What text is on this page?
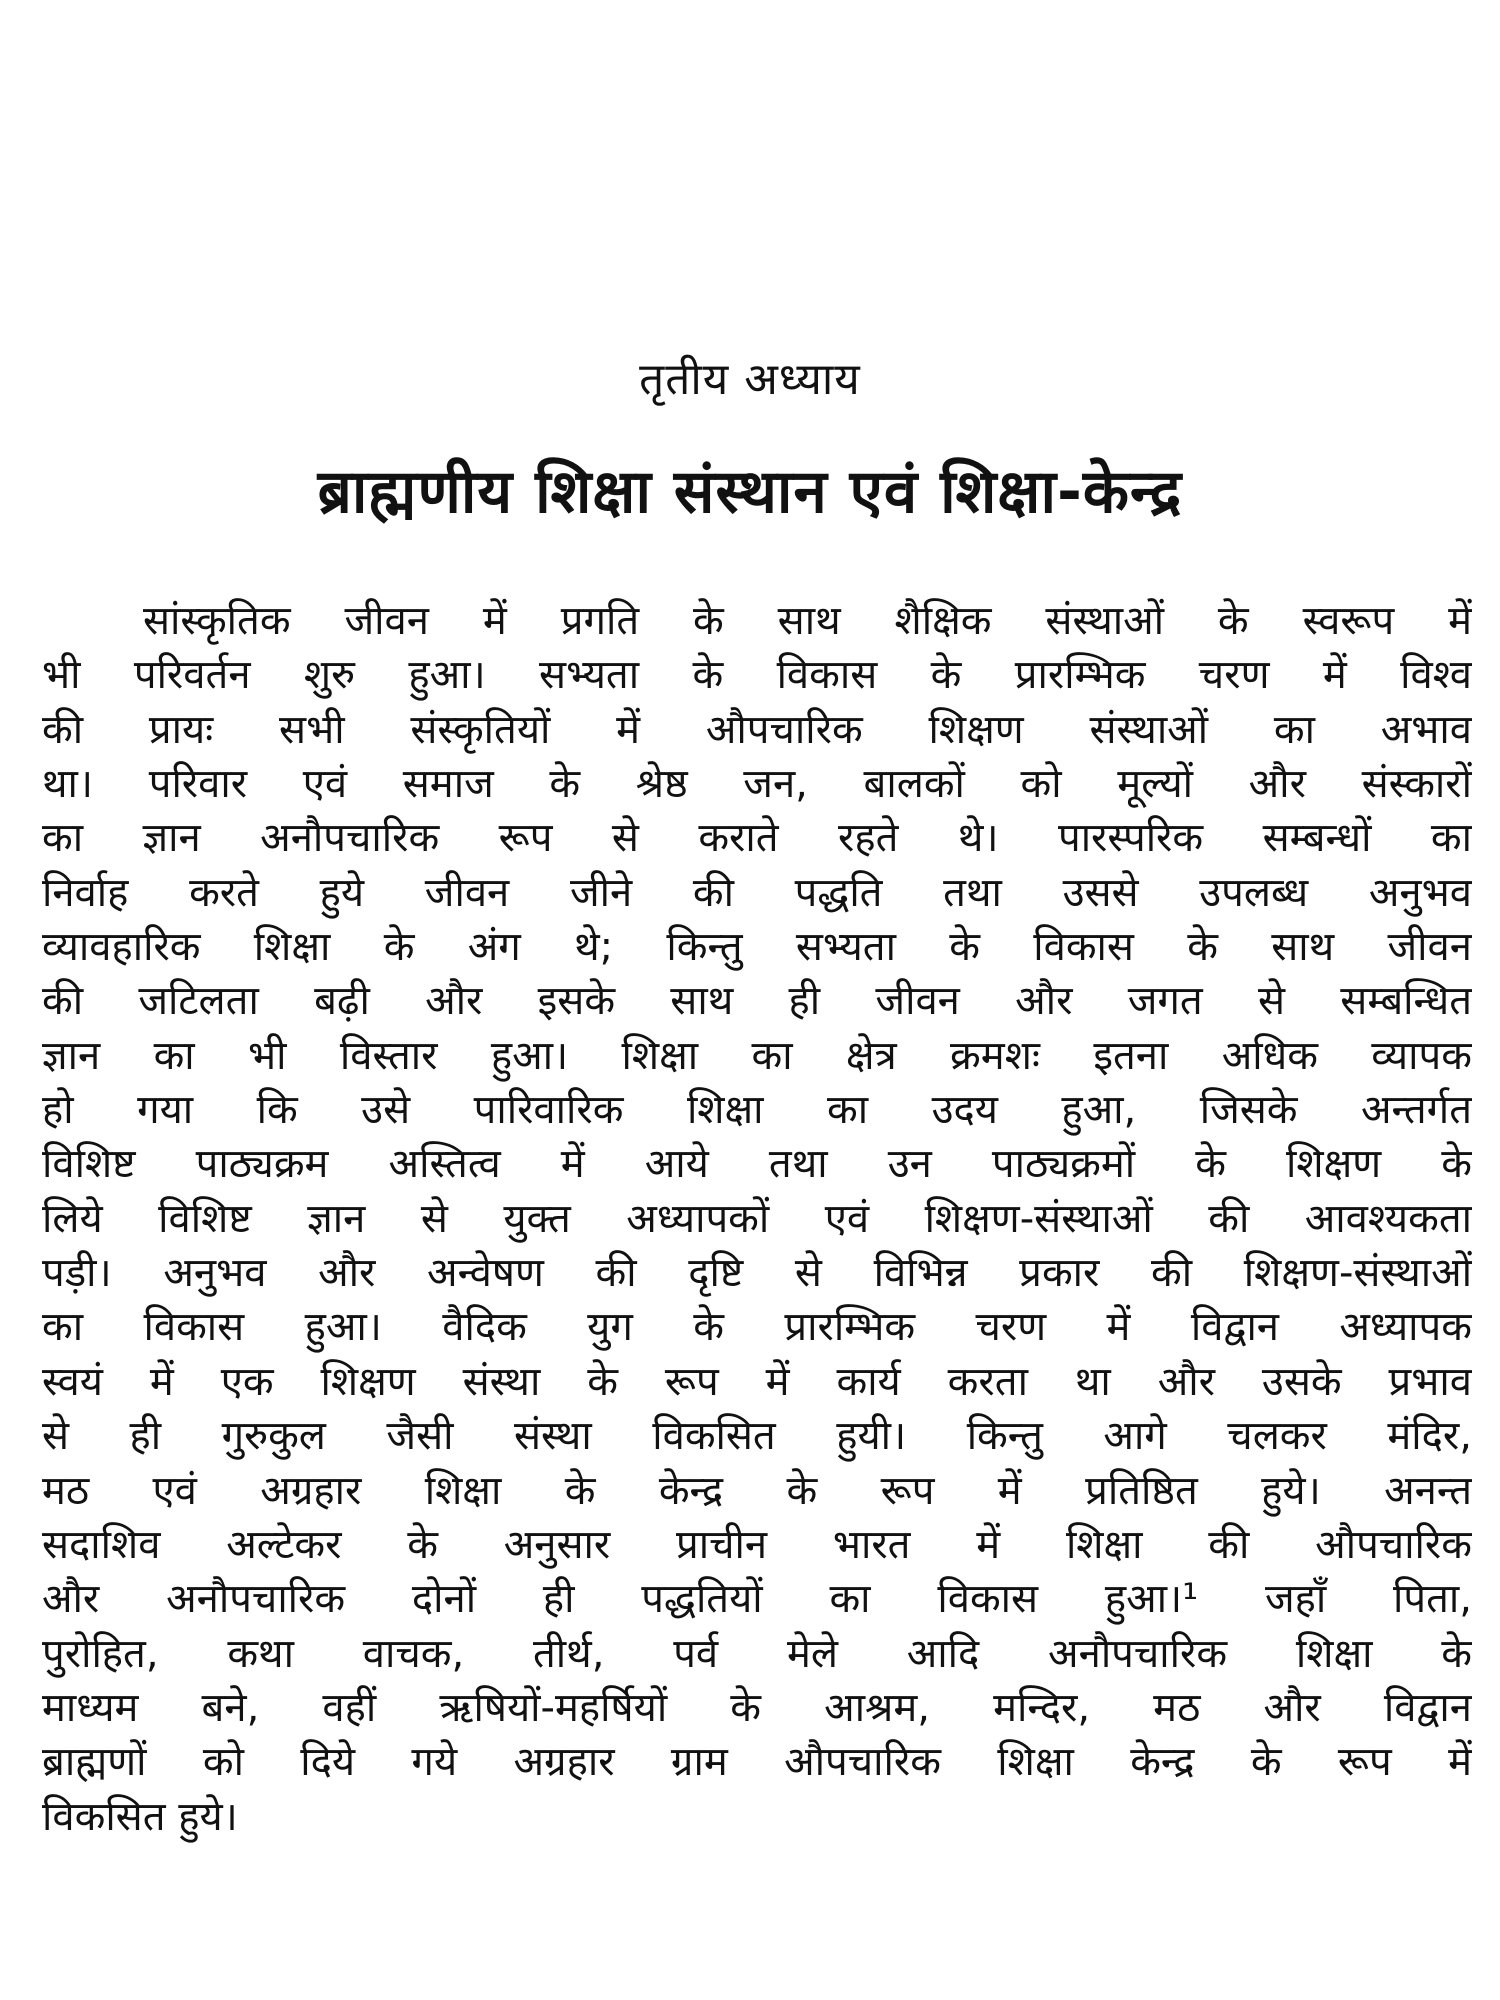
तृतीय अध्याय
ब्राह्मणीय शिक्षा संस्थान एवं शिक्षा-केन्द्र
सांस्कृतिक जीवन में प्रगति के साथ शैक्षिक संस्थाओं के स्वरूप में
भी परिवर्तन शुरु हुआ। सभ्यता के विकास के प्रारम्भिक चरण में विश्व
की प्रायः सभी संस्कृतियों में औपचारिक शिक्षण संस्थाओं का अभाव
था। परिवार एवं समाज के श्रेष्ठ जन, बालकों को मूल्यों और संस्कारों
का ज्ञान अनौपचारिक रूप से कराते रहते थे। पारस्परिक सम्बन्धों का
निर्वाह करते हुये जीवन जीने की पद्धति तथा उससे उपलब्ध अनुभव
व्यावहारिक शिक्षा के अंग थे; किन्तु सभ्यता के विकास के साथ जीवन
की जटिलता बढ़ी और इसके साथ ही जीवन और जगत से सम्बन्धित
ज्ञान का भी विस्तार हुआ। शिक्षा का क्षेत्र क्रमशः इतना अधिक व्यापक
हो गया कि उसे पारिवारिक शिक्षा का उदय हुआ, जिसके अन्तर्गत
विशिष्ट पाठ्यक्रम अस्तित्व में आये तथा उन पाठ्यक्रमों के शिक्षण के
लिये विशिष्ट ज्ञान से युक्त अध्यापकों एवं शिक्षण-संस्थाओं की आवश्यकता
पड़ी। अनुभव और अन्वेषण की दृष्टि से विभिन्न प्रकार की शिक्षण-संस्थाओं
का विकास हुआ। वैदिक युग के प्रारम्भिक चरण में विद्वान अध्यापक
स्वयं में एक शिक्षण संस्था के रूप में कार्य करता था और उसके प्रभाव
से ही गुरुकुल जैसी संस्था विकसित हुयी। किन्तु आगे चलकर मंदिर,
मठ एवं अग्रहार शिक्षा के केन्द्र के रूप में प्रतिष्ठित हुये। अनन्त
सदाशिव अल्टेकर के अनुसार प्राचीन भारत में शिक्षा की औपचारिक
और अनौपचारिक दोनों ही पद्धतियों का विकास हुआ।¹ जहाँ पिता,
पुरोहित, कथा वाचक, तीर्थ, पर्व मेले आदि अनौपचारिक शिक्षा के
माध्यम बने, वहीं ऋषियों-महर्षियों के आश्रम, मन्दिर, मठ और विद्वान
ब्राह्मणों को दिये गये अग्रहार ग्राम औपचारिक शिक्षा केन्द्र के रूप में
विकसित हुये।
